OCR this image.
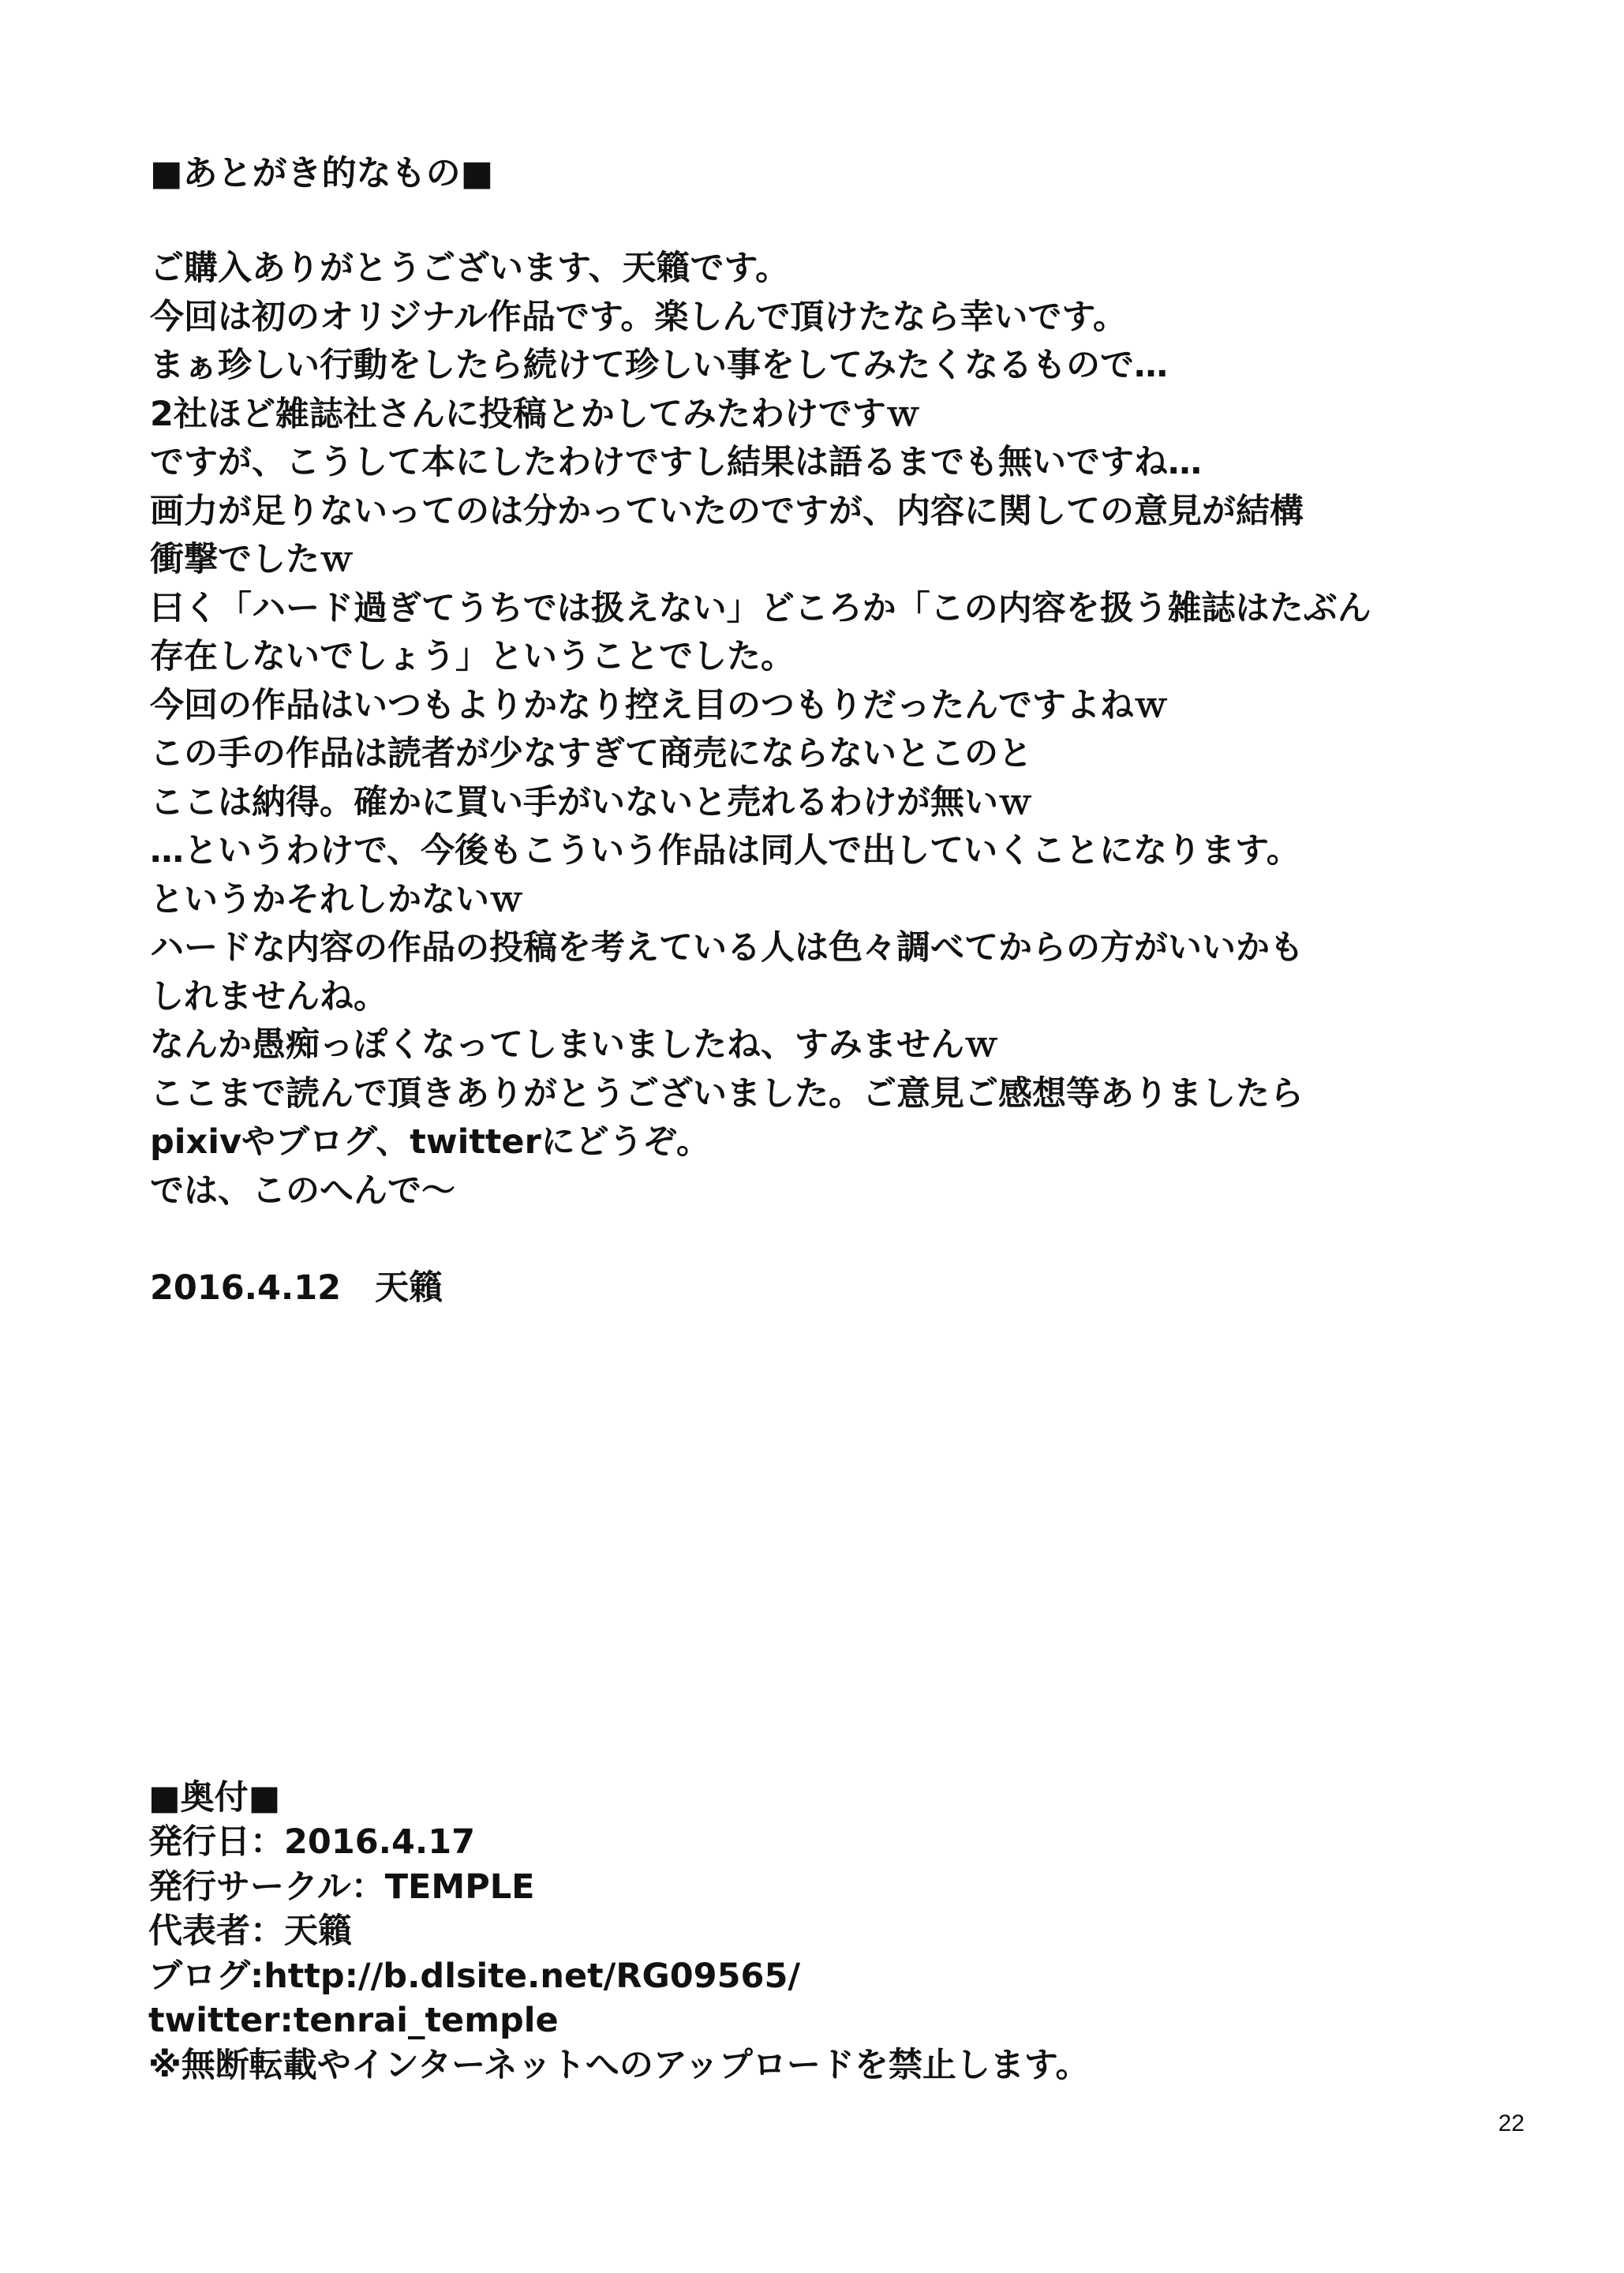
■あとがき的なもの■
ご購入ありがとうございます、天籟です。
今回は初のオリジナル作品です。楽しんで頂けたなら幸いです。
まぁ珍しい行動をしたら続けて珍しい事をしてみたくなるもので…
2社ほど雑誌社さんに投稿とかしてみたわけですｗ
ですが、こうして本にしたわけですし結果は語るまでも無いですね…
画力が足りないってのは分かっていたのですが、内容に関しての意見が結構
衝撃でしたｗ
曰く「ハード過ぎてうちでは扱えない」どころか「この内容を扱う雑誌はたぶん
存在しないでしょう」ということでした。
今回の作品はいつもよりかなり控え目のつもりだったんですよねｗ
この手の作品は読者が少なすぎて商売にならないとこのと
ここは納得。確かに買い手がいないと売れるわけが無いｗ
…というわけで、今後もこういう作品は同人で出していくことになります。
というかそれしかないｗ
ハードな内容の作品の投稿を考えている人は色々調べてからの方がいいかも
しれませんね。
なんか愚痴っぽくなってしまいましたね、すみませんｗ
ここまで読んで頂きありがとうございました。ご意見ご感想等ありましたら
pixivやブログ、twitterにどうぞ。
では、このへんで～
2016.4.12　天籟
■奥付■
発行日：2016.4.17
発行サークル：TEMPLE
代表者：天籟
ブログ:http://b.dlsite.net/RG09565/
twitter:tenrai_temple
※無断転載やインターネットへのアップロードを禁止します。
22
